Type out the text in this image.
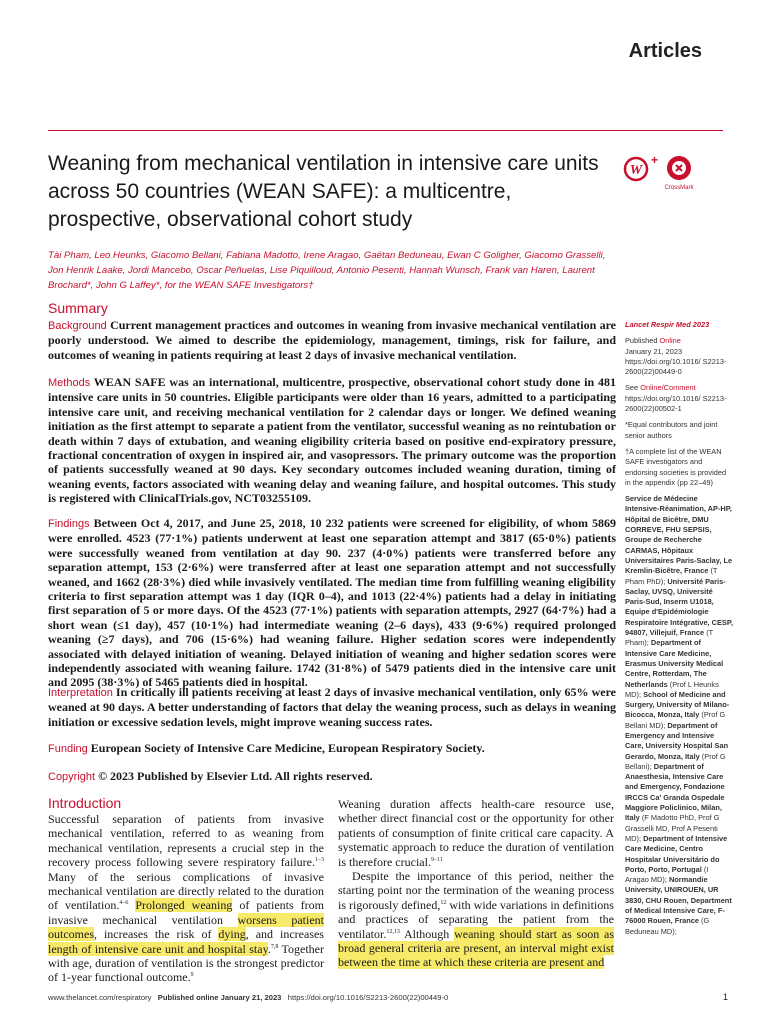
Articles
Weaning from mechanical ventilation in intensive care units across 50 countries (WEAN SAFE): a multicentre, prospective, observational cohort study
W
+
CrossMark
Tài Pham, Leo Heunks, Giacomo Bellani, Fabiana Madotto, Irene Aragao, Gaëtan Beduneau, Ewan C Goligher, Giacomo Grasselli, Jon Henrik Laake, Jordi Mancebo, Oscar Peñuelas, Lise Piquilloud, Antonio Pesenti, Hannah Wunsch, Frank van Haren, Laurent Brochard*, John G Laffey*, for the WEAN SAFE Investigators†
Summary
Background Current management practices and outcomes in weaning from invasive mechanical ventilation are poorly understood. We aimed to describe the epidemiology, management, timings, risk for failure, and outcomes of weaning in patients requiring at least 2 days of invasive mechanical ventilation.
Methods WEAN SAFE was an international, multicentre, prospective, observational cohort study done in 481 intensive care units in 50 countries. Eligible participants were older than 16 years, admitted to a participating intensive care unit, and receiving mechanical ventilation for 2 calendar days or longer. We defined weaning initiation as the first attempt to separate a patient from the ventilator, successful weaning as no reintubation or death within 7 days of extubation, and weaning eligibility criteria based on positive end-expiratory pressure, fractional concentration of oxygen in inspired air, and vasopressors. The primary outcome was the proportion of patients successfully weaned at 90 days. Key secondary outcomes included weaning duration, timing of weaning events, factors associated with weaning delay and weaning failure, and hospital outcomes. This study is registered with ClinicalTrials.gov, NCT03255109.
Findings Between Oct 4, 2017, and June 25, 2018, 10 232 patients were screened for eligibility, of whom 5869 were enrolled. 4523 (77·1%) patients underwent at least one separation attempt and 3817 (65·0%) patients were successfully weaned from ventilation at day 90. 237 (4·0%) patients were transferred before any separation attempt, 153 (2·6%) were transferred after at least one separation attempt and not successfully weaned, and 1662 (28·3%) died while invasively ventilated. The median time from fulfilling weaning eligibility criteria to first separation attempt was 1 day (IQR 0–4), and 1013 (22·4%) patients had a delay in initiating first separation of 5 or more days. Of the 4523 (77·1%) patients with separation attempts, 2927 (64·7%) had a short wean (≤1 day), 457 (10·1%) had intermediate weaning (2–6 days), 433 (9·6%) required prolonged weaning (≥7 days), and 706 (15·6%) had weaning failure. Higher sedation scores were independently associated with delayed initiation of weaning. Delayed initiation of weaning and higher sedation scores were independently associated with weaning failure. 1742 (31·8%) of 5479 patients died in the intensive care unit and 2095 (38·3%) of 5465 patients died in hospital.
Interpretation In critically ill patients receiving at least 2 days of invasive mechanical ventilation, only 65% were weaned at 90 days. A better understanding of factors that delay the weaning process, such as delays in weaning initiation or excessive sedation levels, might improve weaning success rates.
Funding European Society of Intensive Care Medicine, European Respiratory Society.
Copyright © 2023 Published by Elsevier Ltd. All rights reserved.
Introduction

Successful separation of patients from invasive mechanical ventilation, referred to as weaning from mechanical ventilation, represents a crucial step in the recovery process following severe respiratory failure.$^{1-3}$ Many of the serious complications of invasive mechanical ventilation are directly related to the duration of ventilation.$^{4-6}$ Prolonged weaning of patients from invasive mechanical ventilation worsens patient outcomes, increases the risk of dying, and increases length of intensive care unit and hospital stay.$^{7,8}$ Together with age, duration of ventilation is the strongest predictor of 1-year functional outcome.$^9$

Weaning duration affects health-care resource use, whether direct financial cost or the opportunity for other patients of consumption of finite critical care capacity. A systematic approach to reduce the duration of ventilation is therefore crucial.$^{9-11}$

Despite the importance of this period, neither the starting point nor the termination of the weaning process is rigorously defined,$^{12}$ with wide variations in definitions and practices of separating the patient from the ventilator.$^{12,13}$ Although weaning should start as soon as broad general criteria are present, an interval might exist between the time at which these criteria are present and

Lancet Respir Med 2023
Published Online
January 21, 2023
https://doi.org/10.1016/ S2213-2600(22)00449-0
See Online/Comment
https://doi.org/10.1016/ S2213-2600(22)00502-1
*Equal contributors and joint senior authors
†A complete list of the WEAN SAFE investigators and endorsing societies is provided in the appendix (pp 22–49)
Service de Médecine Intensive-Réanimation, AP-HP, Hôpital de Bicêtre, DMU CORREVE, FHU SEPSIS, Groupe de Recherche CARMAS, Hôpitaux Universitaires Paris-Saclay, Le Kremlin-Bicêtre, France (T Pham PhD); Université Paris-Saclay, UVSQ, Université Paris-Sud, Inserm U1018, Equipe d'Epidémiologie Respiratoire Intégrative, CESP, 94807, Villejuif, France (T Pham); Department of Intensive Care Medicine, Erasmus University Medical Centre, Rotterdam, The Netherlands (Prof L Heunks MD); School of Medicine and Surgery, University of Milano-Bicocca, Monza, Italy (Prof G Bellani MD); Department of Emergency and Intensive Care, University Hospital San Gerardo, Monza, Italy (Prof G Bellani); Department of Anaesthesia, Intensive Care and Emergency, Fondazione IRCCS Ca' Granda Ospedale Maggiore Policlinico, Milan, Italy (F Madotto PhD, Prof G Grasselli MD, Prof A Pesenti MD); Department of Intensive Care Medicine, Centro Hospitalar Universitário do Porto, Porto, Portugal (I Aragao MD); Normandie University, UNIROUEN, UR 3830, CHU Rouen, Department of Medical Intensive Care, F-76000 Rouen, France (G Beduneau MD);
www.thelancet.com/respiratory Published online January 21, 2023 https://doi.org/10.1016/S2213-2600(22)00449-0	1
